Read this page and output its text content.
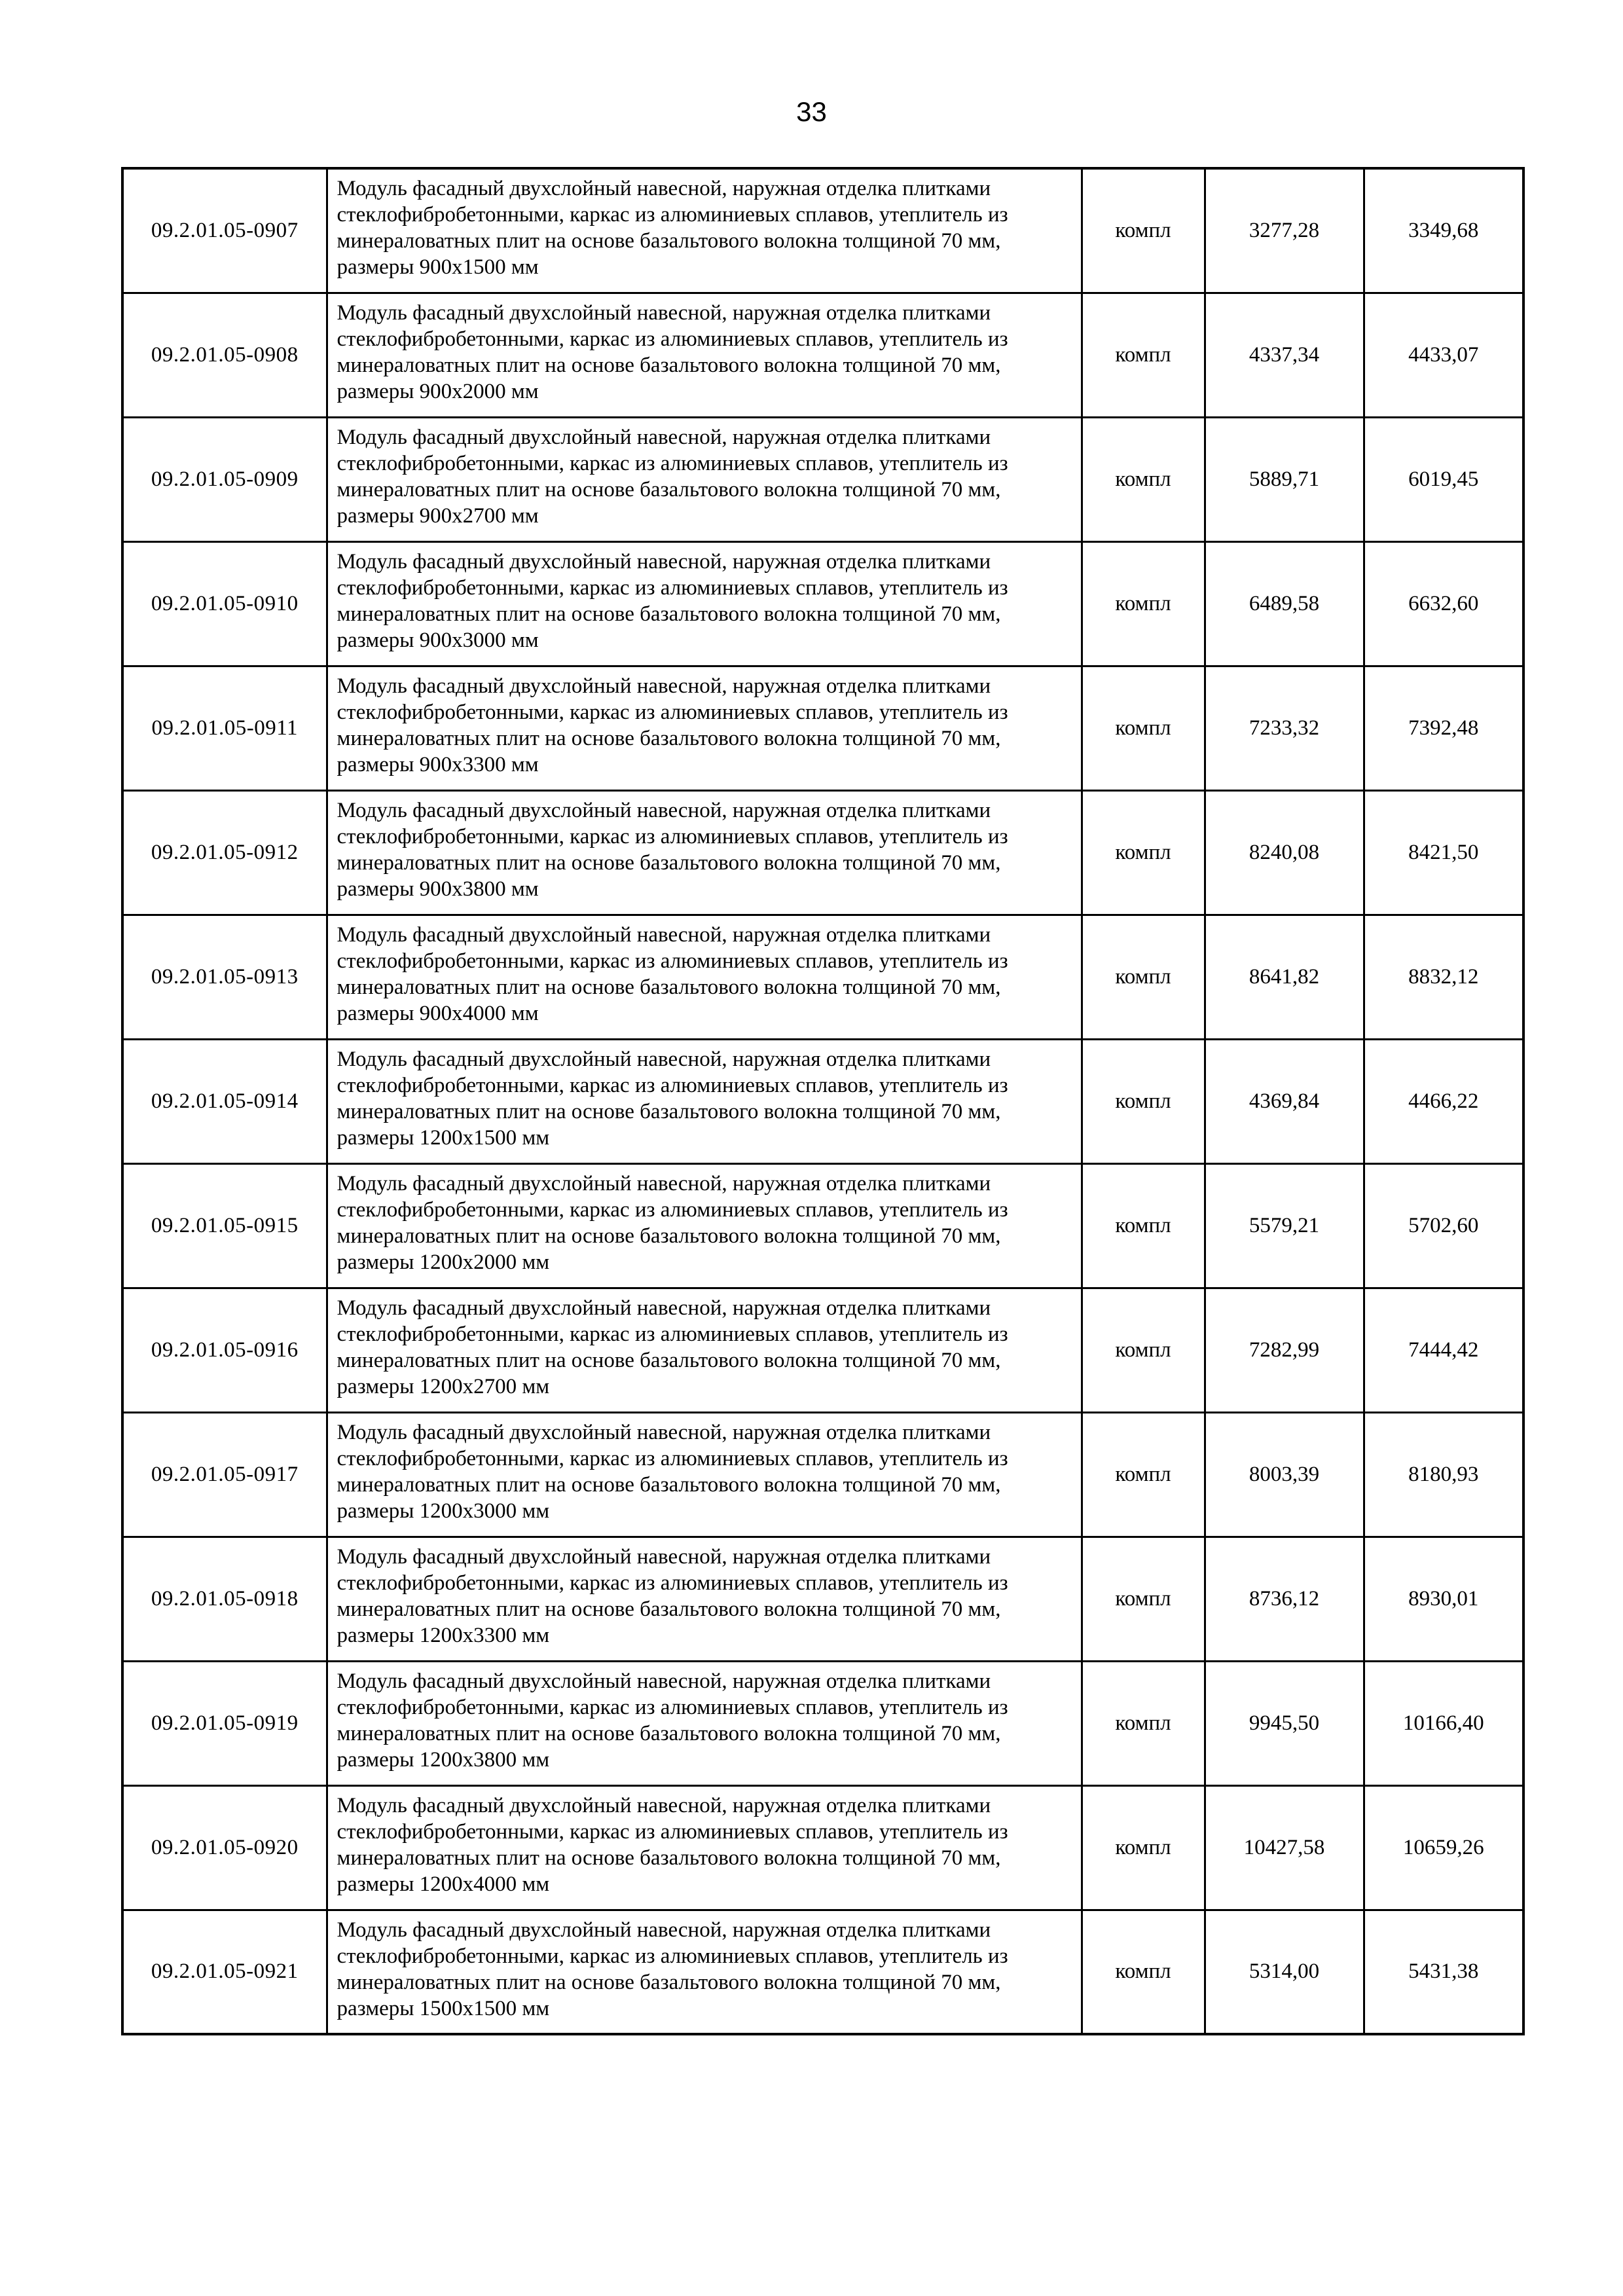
33
09.2.01.05-0907	Модуль фасадный двухслойный навесной, наружная отделка плитками
стеклофибробетонными, каркас из алюминиевых сплавов, утеплитель из
минераловатных плит на основе базальтового волокна толщиной 70 мм,
размеры 900x1500 мм	компл	3277,28	3349,68
09.2.01.05-0908	Модуль фасадный двухслойный навесной, наружная отделка плитками
стеклофибробетонными, каркас из алюминиевых сплавов, утеплитель из
минераловатных плит на основе базальтового волокна толщиной 70 мм,
размеры 900x2000 мм	компл	4337,34	4433,07
09.2.01.05-0909	Модуль фасадный двухслойный навесной, наружная отделка плитками
стеклофибробетонными, каркас из алюминиевых сплавов, утеплитель из
минераловатных плит на основе базальтового волокна толщиной 70 мм,
размеры 900x2700 мм	компл	5889,71	6019,45
09.2.01.05-0910	Модуль фасадный двухслойный навесной, наружная отделка плитками
стеклофибробетонными, каркас из алюминиевых сплавов, утеплитель из
минераловатных плит на основе базальтового волокна толщиной 70 мм,
размеры 900x3000 мм	компл	6489,58	6632,60
09.2.01.05-0911	Модуль фасадный двухслойный навесной, наружная отделка плитками
стеклофибробетонными, каркас из алюминиевых сплавов, утеплитель из
минераловатных плит на основе базальтового волокна толщиной 70 мм,
размеры 900x3300 мм	компл	7233,32	7392,48
09.2.01.05-0912	Модуль фасадный двухслойный навесной, наружная отделка плитками
стеклофибробетонными, каркас из алюминиевых сплавов, утеплитель из
минераловатных плит на основе базальтового волокна толщиной 70 мм,
размеры 900x3800 мм	компл	8240,08	8421,50
09.2.01.05-0913	Модуль фасадный двухслойный навесной, наружная отделка плитками
стеклофибробетонными, каркас из алюминиевых сплавов, утеплитель из
минераловатных плит на основе базальтового волокна толщиной 70 мм,
размеры 900x4000 мм	компл	8641,82	8832,12
09.2.01.05-0914	Модуль фасадный двухслойный навесной, наружная отделка плитками
стеклофибробетонными, каркас из алюминиевых сплавов, утеплитель из
минераловатных плит на основе базальтового волокна толщиной 70 мм,
размеры 1200x1500 мм	компл	4369,84	4466,22
09.2.01.05-0915	Модуль фасадный двухслойный навесной, наружная отделка плитками
стеклофибробетонными, каркас из алюминиевых сплавов, утеплитель из
минераловатных плит на основе базальтового волокна толщиной 70 мм,
размеры 1200x2000 мм	компл	5579,21	5702,60
09.2.01.05-0916	Модуль фасадный двухслойный навесной, наружная отделка плитками
стеклофибробетонными, каркас из алюминиевых сплавов, утеплитель из
минераловатных плит на основе базальтового волокна толщиной 70 мм,
размеры 1200x2700 мм	компл	7282,99	7444,42
09.2.01.05-0917	Модуль фасадный двухслойный навесной, наружная отделка плитками
стеклофибробетонными, каркас из алюминиевых сплавов, утеплитель из
минераловатных плит на основе базальтового волокна толщиной 70 мм,
размеры 1200x3000 мм	компл	8003,39	8180,93
09.2.01.05-0918	Модуль фасадный двухслойный навесной, наружная отделка плитками
стеклофибробетонными, каркас из алюминиевых сплавов, утеплитель из
минераловатных плит на основе базальтового волокна толщиной 70 мм,
размеры 1200x3300 мм	компл	8736,12	8930,01
09.2.01.05-0919	Модуль фасадный двухслойный навесной, наружная отделка плитками
стеклофибробетонными, каркас из алюминиевых сплавов, утеплитель из
минераловатных плит на основе базальтового волокна толщиной 70 мм,
размеры 1200x3800 мм	компл	9945,50	10166,40
09.2.01.05-0920	Модуль фасадный двухслойный навесной, наружная отделка плитками
стеклофибробетонными, каркас из алюминиевых сплавов, утеплитель из
минераловатных плит на основе базальтового волокна толщиной 70 мм,
размеры 1200x4000 мм	компл	10427,58	10659,26
09.2.01.05-0921	Модуль фасадный двухслойный навесной, наружная отделка плитками
стеклофибробетонными, каркас из алюминиевых сплавов, утеплитель из
минераловатных плит на основе базальтового волокна толщиной 70 мм,
размеры 1500x1500 мм	компл	5314,00	5431,38
